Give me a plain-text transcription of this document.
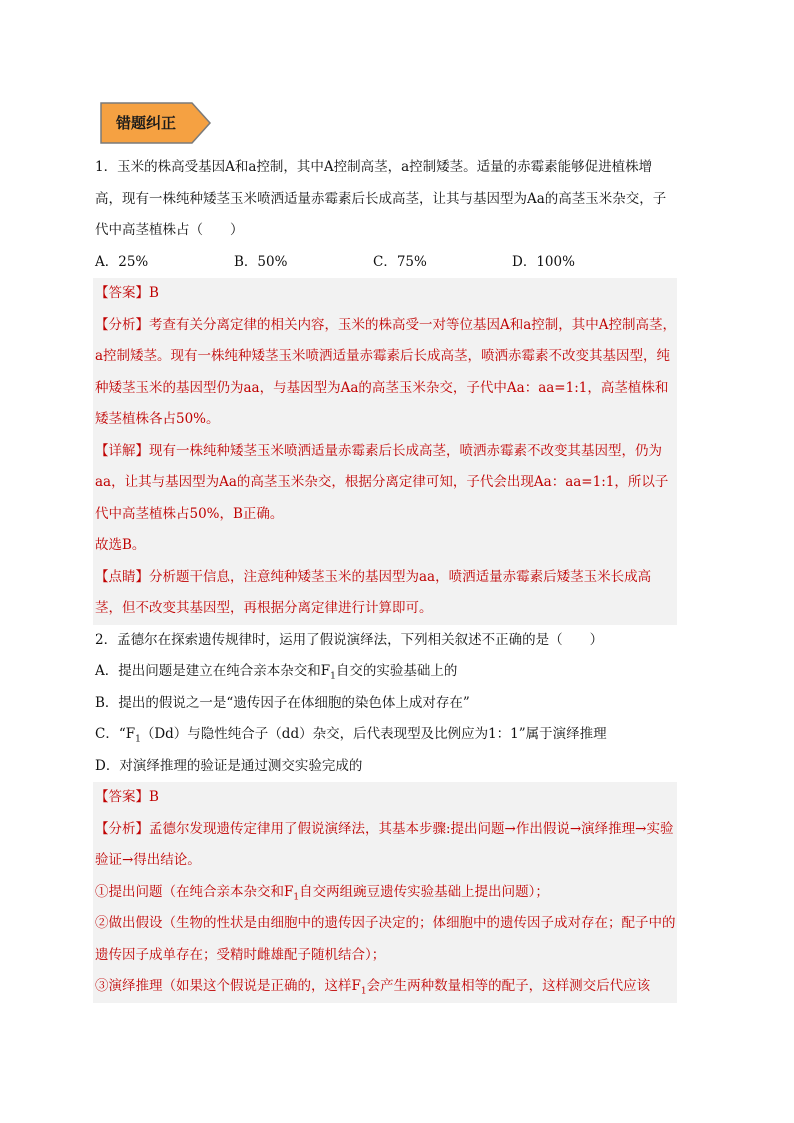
错题纠正

1．玉米的株高受基因A和a控制，其中A控制高茎，a控制矮茎。适量的赤霉素能够促进植株增高，现有一株纯种矮茎玉米喷洒适量赤霉素后长成高茎，让其与基因型为Aa的高茎玉米杂交，子代中高茎植株占（　　）

A．25%	B．50%	C．75%	D．100%

【答案】B

【分析】考查有关分离定律的相关内容，玉米的株高受一对等位基因A和a控制，其中A控制高茎，a控制矮茎。现有一株纯种矮茎玉米喷洒适量赤霉素后长成高茎，喷洒赤霉素不改变其基因型，纯种矮茎玉米的基因型仍为aa，与基因型为Aa的高茎玉米杂交，子代中Aa：aa=1:1，高茎植株和矮茎植株各占50%。

【详解】现有一株纯种矮茎玉米喷洒适量赤霉素后长成高茎，喷洒赤霉素不改变其基因型，仍为aa，让其与基因型为Aa的高茎玉米杂交，根据分离定律可知，子代会出现Aa：aa=1:1，所以子代中高茎植株占50%，B正确。

故选B。

【点睛】分析题干信息，注意纯种矮茎玉米的基因型为aa，喷洒适量赤霉素后矮茎玉米长成高茎，但不改变其基因型，再根据分离定律进行计算即可。

2．孟德尔在探索遗传规律时，运用了假说演绎法，下列相关叙述不正确的是（　　）

A．提出问题是建立在纯合亲本杂交和$F_1$自交的实验基础上的

B．提出的假说之一是“遗传因子在体细胞的染色体上成对存在”

C．“$F_1(Dd)$与隐性纯合子（dd）杂交，后代表现型及比例应为1：1”属于演绎推理

D．对演绎推理的验证是通过测交实验完成的

【答案】B

【分析】孟德尔发现遗传定律用了假说演绎法，其基本步骤:提出问题→作出假说→演绎推理→实验验证→得出结论。

①提出问题（在纯合亲本杂交和$F_1$自交两组豌豆遗传实验基础上提出问题）；

②做出假设（生物的性状是由细胞中的遗传因子决定的；体细胞中的遗传因子成对存在；配子中的遗传因子成单存在；受精时雌雄配子随机结合）；

③演绎推理（如果这个假说是正确的，这样$F_1$会产生两种数量相等的配子，这样测交后代应该
